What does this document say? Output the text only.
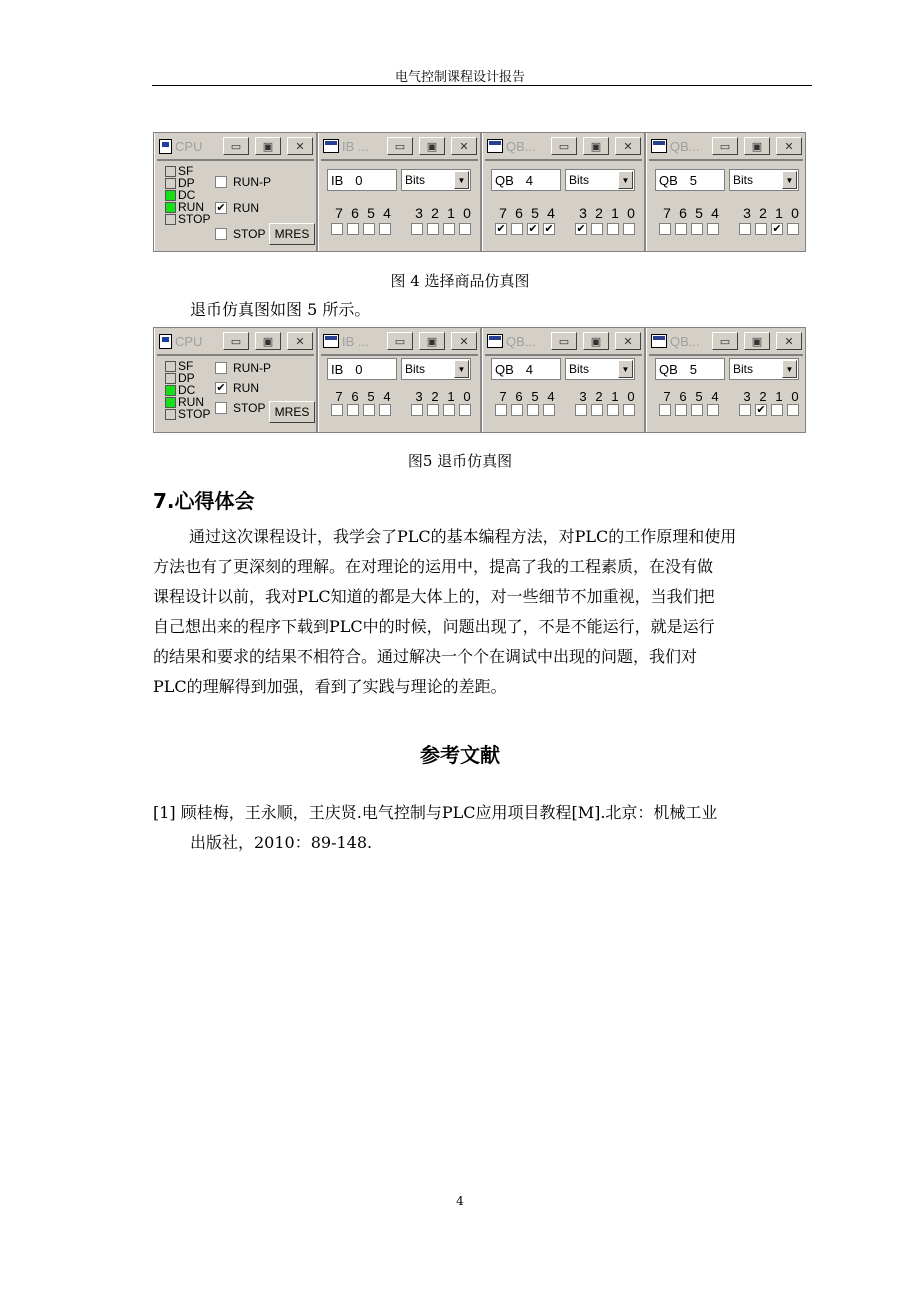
电气控制课程设计报告
CPU	▭ ▣ ✕
SF
DP
DC
RUN
STOP
RUN-P
✔ RUN
STOP MRES
IB ...	▭ ▣ ✕
IB 0	Bits	▼
7 6 5 4 3 2 1 0
QB...	▭ ▣ ✕
QB 4	Bits	▼
7 6 5 4 3 2 1 0
✔ ✔ ✔ ✔
QB...	▭ ▣ ✕
QB 5	Bits	▼
7 6 5 4 3 2 1 0
✔
图 4 选择商品仿真图
退币仿真图如图 5 所示。
CPU	▭ ▣ ✕
SF
DP
DC
RUN
STOP
RUN-P
✔ RUN
STOP MRES
IB ...	▭ ▣ ✕
IB 0	Bits	▼
7 6 5 4	3 2 1 0
QB...	▭ ▣ ✕
QB 4	Bits	▼
7 6 5 4	3 2 1 0
QB...	▭ ▣ ✕
QB 5	Bits	▼
7 6 5 4	3 2 1 0
✔
图5 退币仿真图
7.心得体会
通过这次课程设计，我学会了PLC的基本编程方法，对PLC的工作原理和使用
方法也有了更深刻的理解。在对理论的运用中，提高了我的工程素质，在没有做
课程设计以前，我对PLC知道的都是大体上的，对一些细节不加重视，当我们把
自己想出来的程序下载到PLC中的时候，问题出现了，不是不能运行，就是运行
的结果和要求的结果不相符合。通过解决一个个在调试中出现的问题，我们对
PLC的理解得到加强，看到了实践与理论的差距。
参考文献
[1] 顾桂梅，王永顺，王庆贤.电气控制与PLC应用项目教程[M].北京：机械工业
出版社，2010：89-148.
4
